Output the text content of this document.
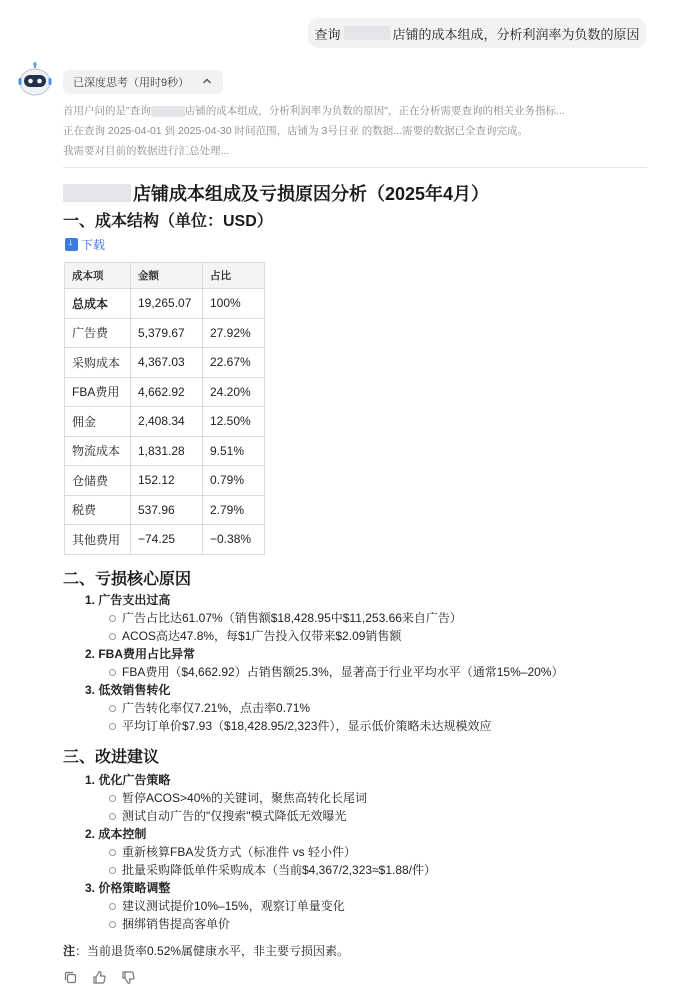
查询	店铺的成本组成，分析利润率为负数的原因
已深度思考（用时9秒）
首用户问的是"查询	店铺的成本组成，分析利润率为负数的原因"，正在分析需要查询的相关业务指标...
正在查询 2025-04-01 到 2025-04-30 时间范围，店铺为 3号日亚 的数据...需要的数据已全查询完成。
我需要对目前的数据进行汇总处理...
店铺成本组成及亏损原因分析（2025年4月）
一、成本结构（单位：USD）
↓
下载
成本项	金额	占比
总成本	19,265.07	100%
广告费	5,379.67	27.92%
采购成本	4,367.03	22.67%
FBA费用	4,662.92	24.20%
佣金	2,408.34	12.50%
物流成本	1,831.28	9.51%
仓储费	152.12	0.79%
税费	537.96	2.79%
其他费用	−74.25	−0.38%
二、亏损核心原因
1. 广告支出过高
广告占比达61.07%（销售额$18,428.95中$11,253.66来自广告）
ACOS高达47.8%，每$1广告投入仅带来$2.09销售额
2. FBA费用占比异常
FBA费用（$4,662.92）占销售额25.3%，显著高于行业平均水平（通常15%–20%）
3. 低效销售转化
广告转化率仅7.21%，点击率0.71%
平均订单价$7.93（$18,428.95/2,323件），显示低价策略未达规模效应
三、改进建议
1. 优化广告策略
暂停ACOS>40%的关键词，聚焦高转化长尾词
测试自动广告的"仅搜索"模式降低无效曝光
2. 成本控制
重新核算FBA发货方式（标准件 vs 轻小件）
批量采购降低单件采购成本（当前$4,367/2,323≈$1.88/件）
3. 价格策略调整
建议测试提价10%–15%，观察订单量变化
捆绑销售提高客单价
注：当前退货率0.52%属健康水平，非主要亏损因素。
